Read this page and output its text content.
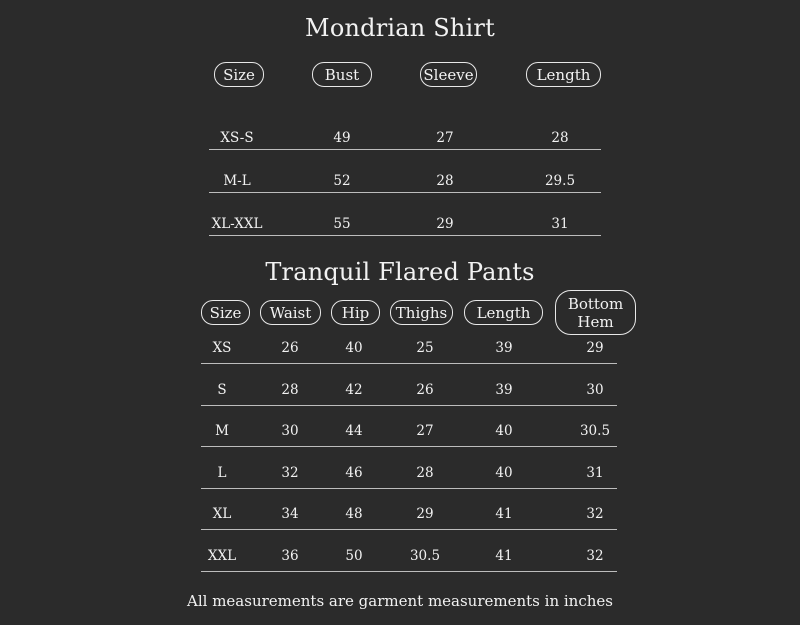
Mondrian Shirt
Size	Bust	Sleeve	Length
XS-S	49	27	28
M-L	52	28	29.5
XL-XXL	55	29	31
Tranquil Flared Pants
Size	Waist	Hip	Thighs	Length	Bottom
Hem
XS	26	40	25	39	29
S	28	42	26	39	30
M	30	44	27	40	30.5
L	32	46	28	40	31
XL	34	48	29	41	32
XXL	36	50	30.5	41	32
All measurements are garment measurements in inches
